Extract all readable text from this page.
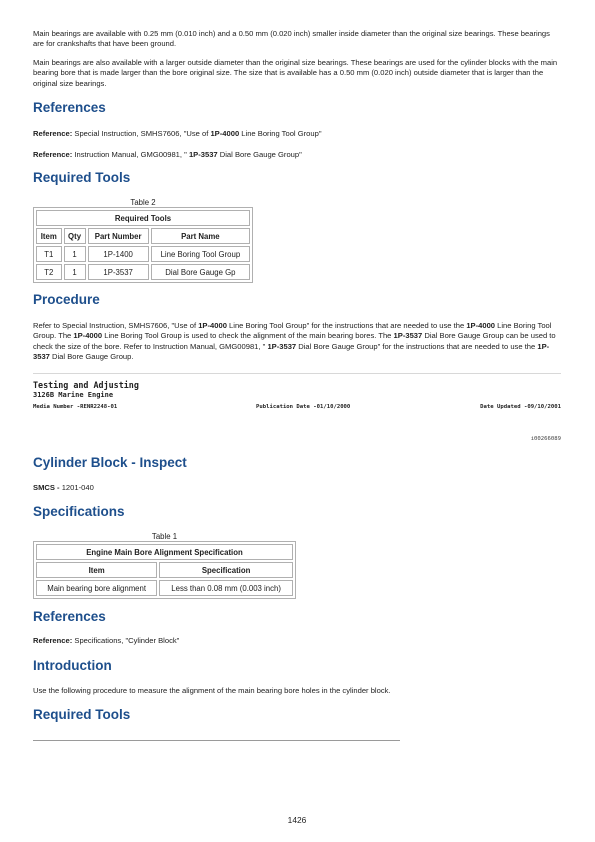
Main bearings are available with 0.25 mm (0.010 inch) and a 0.50 mm (0.020 inch) smaller inside diameter than the original size bearings. These bearings are for crankshafts that have been ground.

Main bearings are also available with a larger outside diameter than the original size bearings. These bearings are used for the cylinder blocks with the main bearing bore that is made larger than the bore original size. The size that is available has a 0.50 mm (0.020 inch) outside diameter that is larger than the original size bearings.

References

Reference: Special Instruction, SMHS7606, "Use of 1P-4000 Line Boring Tool Group"

Reference: Instruction Manual, GMG00981, " 1P-3537 Dial Bore Gauge Group"

Required Tools
Table 2
Required Tools			
Item	Qty	Part Number	Part Name
T1	1	1P-1400	Line Boring Tool Group
T2	1	1P-3537	Dial Bore Gauge Gp
Procedure

Refer to Special Instruction, SMHS7606, "Use of 1P-4000 Line Boring Tool Group" for the instructions that are needed to use the 1P-4000 Line Boring Tool Group. The 1P-4000 Line Boring Tool Group is used to check the alignment of the main bearing bores. The 1P-3537 Dial Bore Gauge Group can be used to check the size of the bore. Refer to Instruction Manual, GMG00981, " 1P-3537 Dial Bore Gauge Group" for the instructions that are needed to use the 1P-3537 Dial Bore Gauge Group.

Testing and Adjusting
3126B Marine Engine
Media Number -RENR2248-01	Publication Date -01/10/2000	Date Updated -09/10/2001
i00266089
Cylinder Block - Inspect

SMCS - 1201-040

Specifications
Table 1
Engine Main Bore Alignment Specification	
Item	Specification
Main bearing bore alignment	Less than 0.08 mm (0.003 inch)
References

Reference: Specifications, "Cylinder Block"

Introduction

Use the following procedure to measure the alignment of the main bearing bore holes in the cylinder block.

Required Tools
1426
